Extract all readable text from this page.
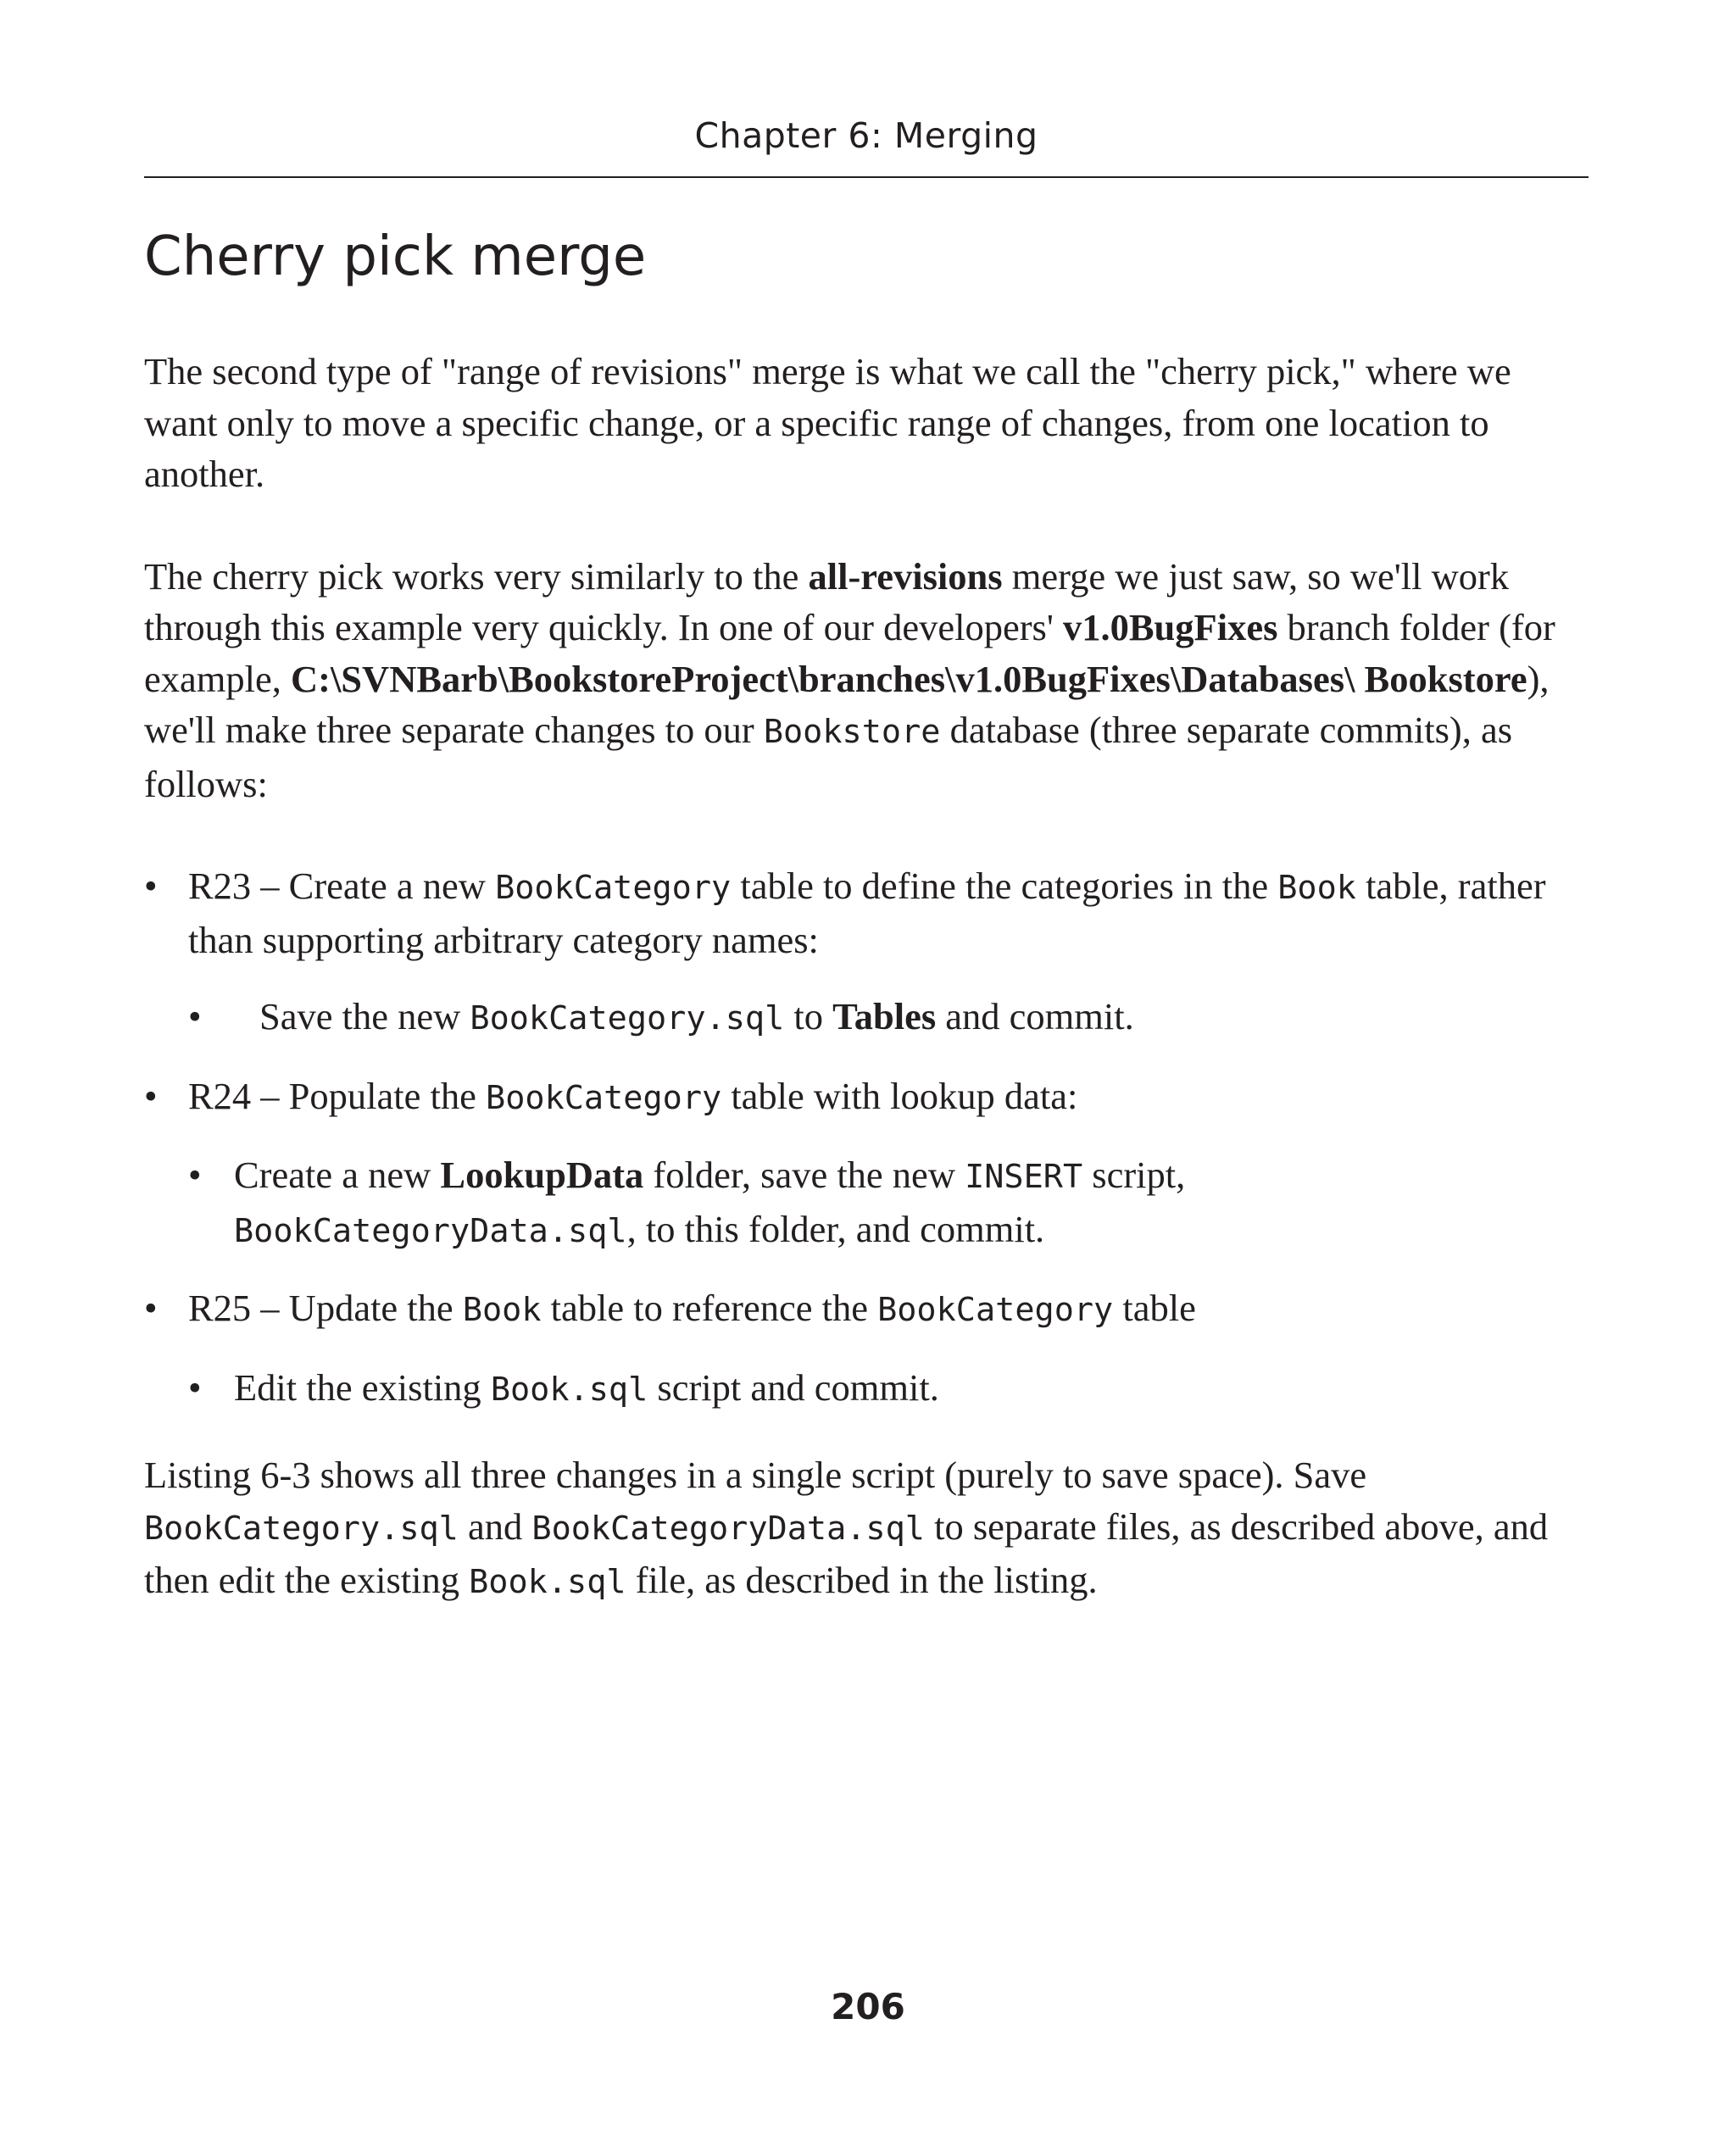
Chapter 6: Merging
Cherry pick merge

The second type of "range of revisions" merge is what we call the "cherry pick," where we want only to move a specific change, or a specific range of changes, from one location to another.

The cherry pick works very similarly to the all-revisions merge we just saw, so we'll work through this example very quickly. In one of our developers' v1.0BugFixes branch folder (for example, C:\SVNBarb\BookstoreProject\branches\v1.0BugFixes\Databases\ Bookstore), we'll make three separate changes to our Bookstore database (three separate commits), as follows:

• R23 – Create a new BookCategory table to define the categories in the Book table, rather than supporting arbitrary category names:
• Save the new BookCategory.sql to Tables and commit.
• R24 – Populate the BookCategory table with lookup data:
• Create a new LookupData folder, save the new INSERT script,
BookCategoryData.sql, to this folder, and commit.
• R25 – Update the Book table to reference the BookCategory table
• Edit the existing Book.sql script and commit.

Listing 6-3 shows all three changes in a single script (purely to save space). Save BookCategory.sql and BookCategoryData.sql to separate files, as described above, and then edit the existing Book.sql file, as described in the listing.

206
